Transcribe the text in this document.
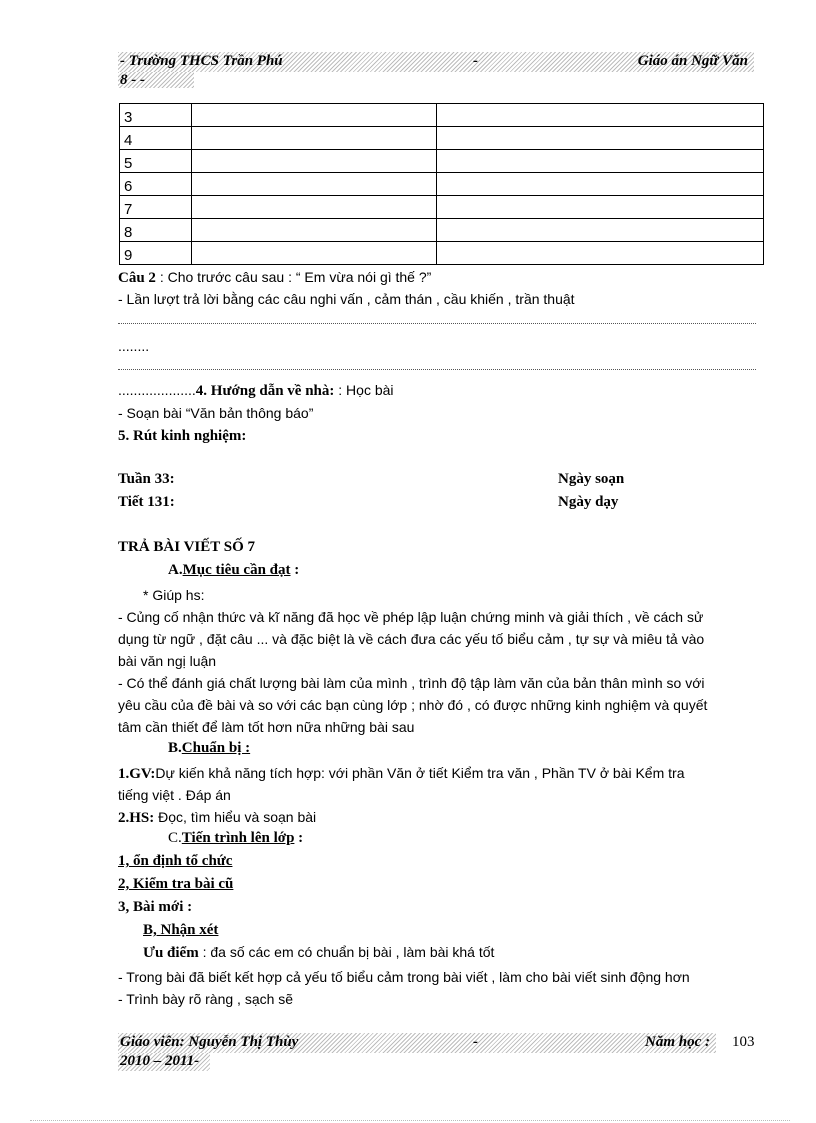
- Trường THCS Trần Phú	-	Giáo án Ngữ Văn
8 - -
3		
4		
5		
6		
7		
8		
9		
Câu 2 : Cho trước câu sau : “ Em vừa nói gì thế ?”
- Lần lượt trả lời bằng các câu nghi vấn , cảm thán , cầu khiến , trần thuật
........
....................4. Hướng dẫn về nhà: : Học bài
- Soạn bài “Văn bản thông báo”
5. Rút kinh nghiệm:
Tuần 33:	Ngày soạn
Tiết 131:	Ngày dạy
TRẢ BÀI VIẾT SỐ 7
A.Mục tiêu cần đạt :
* Giúp hs:
- Củng cố nhận thức và kĩ năng đã học về phép lập luận chứng minh và giải thích , về cách sử
dụng từ ngữ , đặt câu ... và đặc biệt là về cách đưa các yếu tố biểu cảm , tự sự và miêu tả vào
bài văn ngị luận
- Có thể đánh giá chất lượng bài làm của mình , trình độ tập làm văn của bản thân mình so với
yêu cầu của đề bài và so với các bạn cùng lớp ; nhờ đó , có được những kinh nghiệm và quyết
tâm cần thiết để làm tốt hơn nữa những bài sau
B.Chuẩn bị :
1.GV:Dự kiến khả năng tích hợp: với phần Văn ở tiết Kiểm tra văn , Phần TV ở bài Kểm tra
tiếng việt . Đáp án
2.HS: Đọc, tìm hiểu và soạn bài
C.Tiến trình lên lớp :
1, ổn định tổ chức
2, Kiểm tra bài cũ
3, Bài mới :
B, Nhận xét
Ưu điểm : đa số các em có chuẩn bị bài , làm bài khá tốt
- Trong bài đã biết kết hợp cả yếu tố biểu cảm trong bài viết , làm cho bài viết sinh động hơn
- Trình bày rõ ràng , sạch sẽ
Giáo viên: Nguyễn Thị Thùy	-	Năm học : 103
2010 – 2011-
